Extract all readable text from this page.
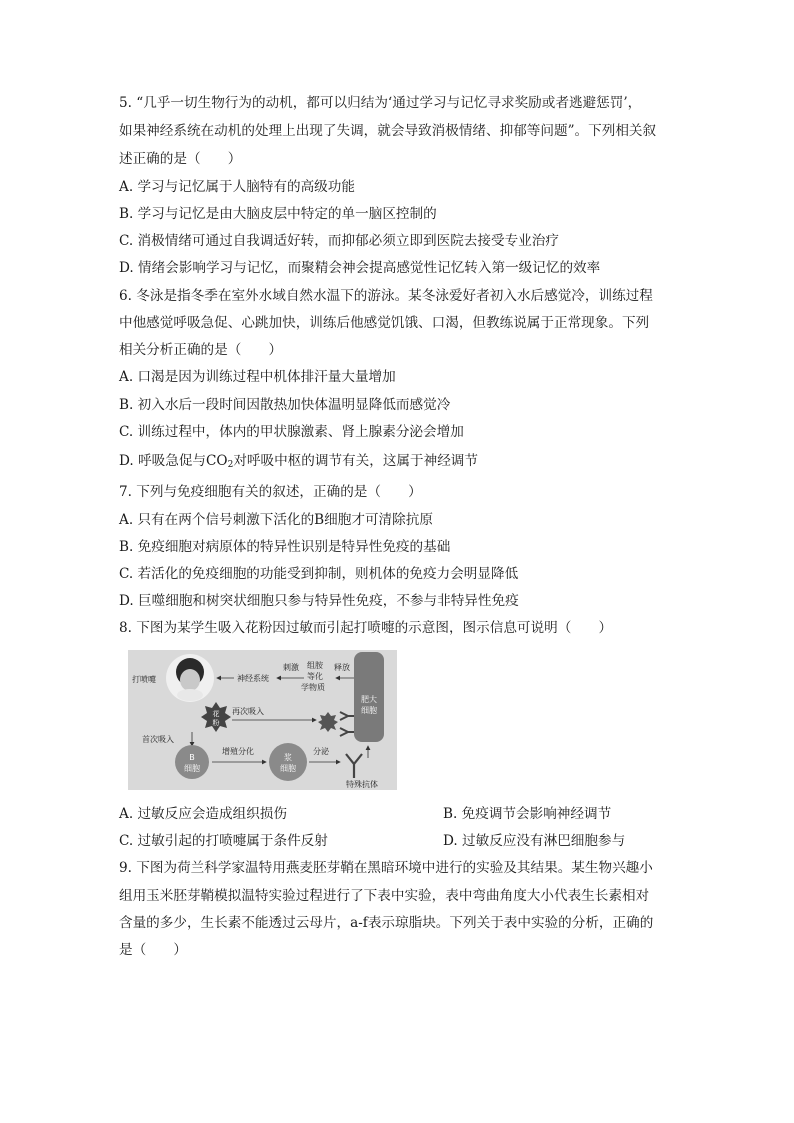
5. “几乎一切生物行为的动机，都可以归结为‘通过学习与记忆寻求奖励或者逃避惩罚’，
如果神经系统在动机的处理上出现了失调，就会导致消极情绪、抑郁等问题”。下列相关叙
述正确的是（　　）
A. 学习与记忆属于人脑特有的高级功能
B. 学习与记忆是由大脑皮层中特定的单一脑区控制的
C. 消极情绪可通过自我调适好转，而抑郁必须立即到医院去接受专业治疗
D. 情绪会影响学习与记忆，而聚精会神会提高感觉性记忆转入第一级记忆的效率
6. 冬泳是指冬季在室外水域自然水温下的游泳。某冬泳爱好者初入水后感觉冷，训练过程
中他感觉呼吸急促、心跳加快，训练后他感觉饥饿、口渴，但教练说属于正常现象。下列
相关分析正确的是（　　）
A. 口渴是因为训练过程中机体排汗量大量增加
B. 初入水后一段时间因散热加快体温明显降低而感觉冷
C. 训练过程中，体内的甲状腺激素、肾上腺素分泌会增加
D. 呼吸急促与$CO_2$对呼吸中枢的调节有关，这属于神经调节
7. 下列与免疫细胞有关的叙述，正确的是（　　）
A. 只有在两个信号刺激下活化的B细胞才可清除抗原
B. 免疫细胞对病原体的特异性识别是特异性免疫的基础
C. 若活化的免疫细胞的功能受到抑制，则机体的免疫力会明显降低
D. 巨噬细胞和树突状细胞只参与特异性免疫，不参与非特异性免疫
8. 下图为某学生吸入花粉因过敏而引起打喷嚏的示意图，图示信息可说明（　　）
肥大
细胞
打喷嚏	神经系统
刺激 组胺
等化
学物质
释放
花
粉
再次吸入
首次吸入
B
细胞
增殖分化
浆
细胞
分泌
特殊抗体
A. 过敏反应会造成组织损伤	B. 免疫调节会影响神经调节
C. 过敏引起的打喷嚏属于条件反射	D. 过敏反应没有淋巴细胞参与
9. 下图为荷兰科学家温特用燕麦胚芽鞘在黑暗环境中进行的实验及其结果。某生物兴趣小
组用玉米胚芽鞘模拟温特实验过程进行了下表中实验，表中弯曲角度大小代表生长素相对
含量的多少，生长素不能透过云母片，a-f表示琼脂块。下列关于表中实验的分析，正确的
是（　　）
